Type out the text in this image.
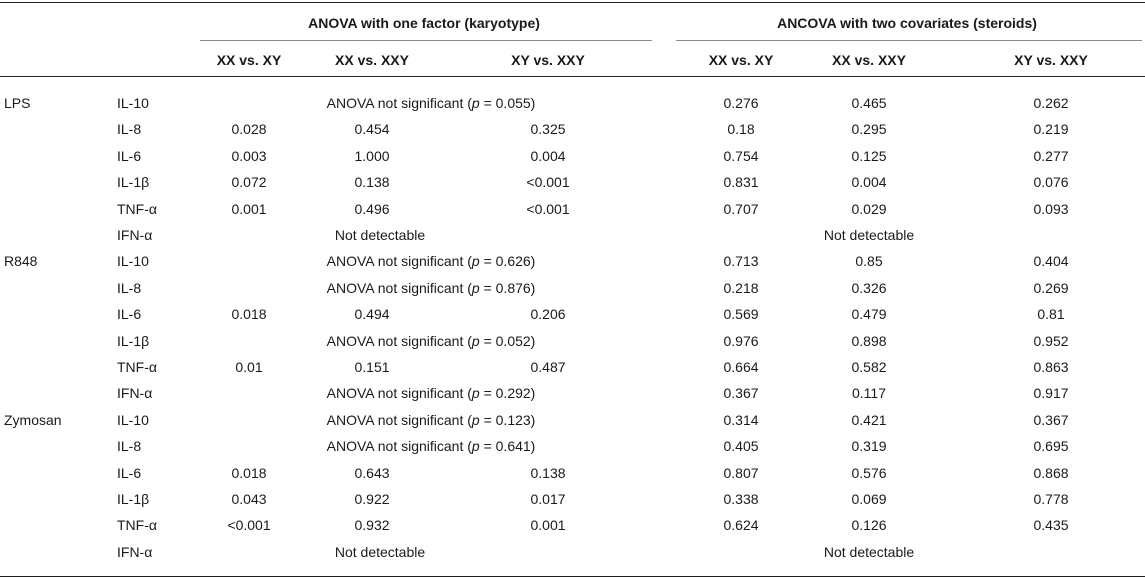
ANOVA with one factor (karyotype)	ANCOVA with two covariates (steroids)
XX vs. XY	XX vs. XXY	XY vs. XXY	XX vs. XY	XX vs. XXY	XY vs. XXY
LPS	IL-10	ANOVA not significant (p = 0.055)	0.276	0.465	0.262
IL-8	0.028	0.454	0.325	0.18	0.295	0.219
IL-6	0.003	1.000	0.004	0.754	0.125	0.277
IL-1β	0.072	0.138	<0.001	0.831	0.004	0.076
TNF-α	0.001	0.496	<0.001	0.707	0.029	0.093
IFN-α	Not detectable	Not detectable
R848	IL-10	ANOVA not significant (p = 0.626)	0.713	0.85	0.404
IL-8	ANOVA not significant (p = 0.876)	0.218	0.326	0.269
IL-6	0.018	0.494	0.206	0.569	0.479	0.81
IL-1β	ANOVA not significant (p = 0.052)	0.976	0.898	0.952
TNF-α	0.01	0.151	0.487	0.664	0.582	0.863
IFN-α	ANOVA not significant (p = 0.292)	0.367	0.117	0.917
Zymosan	IL-10	ANOVA not significant (p = 0.123)	0.314	0.421	0.367
IL-8	ANOVA not significant (p = 0.641)	0.405	0.319	0.695
IL-6	0.018	0.643	0.138	0.807	0.576	0.868
IL-1β	0.043	0.922	0.017	0.338	0.069	0.778
TNF-α	<0.001	0.932	0.001	0.624	0.126	0.435
IFN-α	Not detectable	Not detectable
